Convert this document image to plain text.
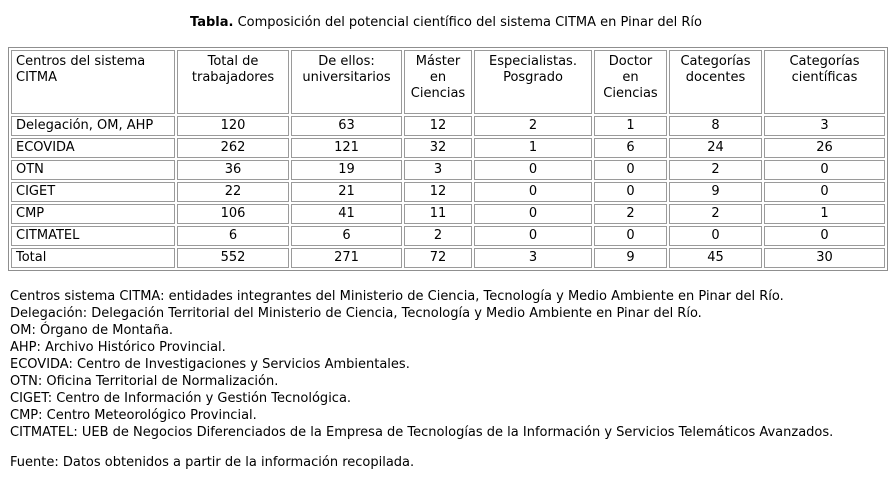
Tabla. Composición del potencial científico del sistema CITMA en Pinar del Río

Centros del sistema CITMA	Total de trabajadores	De ellos: universitarios	Máster en Ciencias	Especialistas. Posgrado	Doctor en Ciencias	Categorías docentes	Categorías científicas
Delegación, OM, AHP	120	63	12	2	1	8	3
ECOVIDA	262	121	32	1	6	24	26
OTN	36	19	3	0	0	2	0
CIGET	22	21	12	0	0	9	0
CMP	106	41	11	0	2	2	1
CITMATEL	6	6	2	0	0	0	0
Total	552	271	72	3	9	45	30
Centros sistema CITMA: entidades integrantes del Ministerio de Ciencia, Tecnología y Medio Ambiente en Pinar del Río.
Delegación: Delegación Territorial del Ministerio de Ciencia, Tecnología y Medio Ambiente en Pinar del Río.
OM: Órgano de Montaña.
AHP: Archivo Histórico Provincial.
ECOVIDA: Centro de Investigaciones y Servicios Ambientales.
OTN: Oficina Territorial de Normalización.
CIGET: Centro de Información y Gestión Tecnológica.
CMP: Centro Meteorológico Provincial.
CITMATEL: UEB de Negocios Diferenciados de la Empresa de Tecnologías de la Información y Servicios Telemáticos Avanzados.

Fuente: Datos obtenidos a partir de la información recopilada.
